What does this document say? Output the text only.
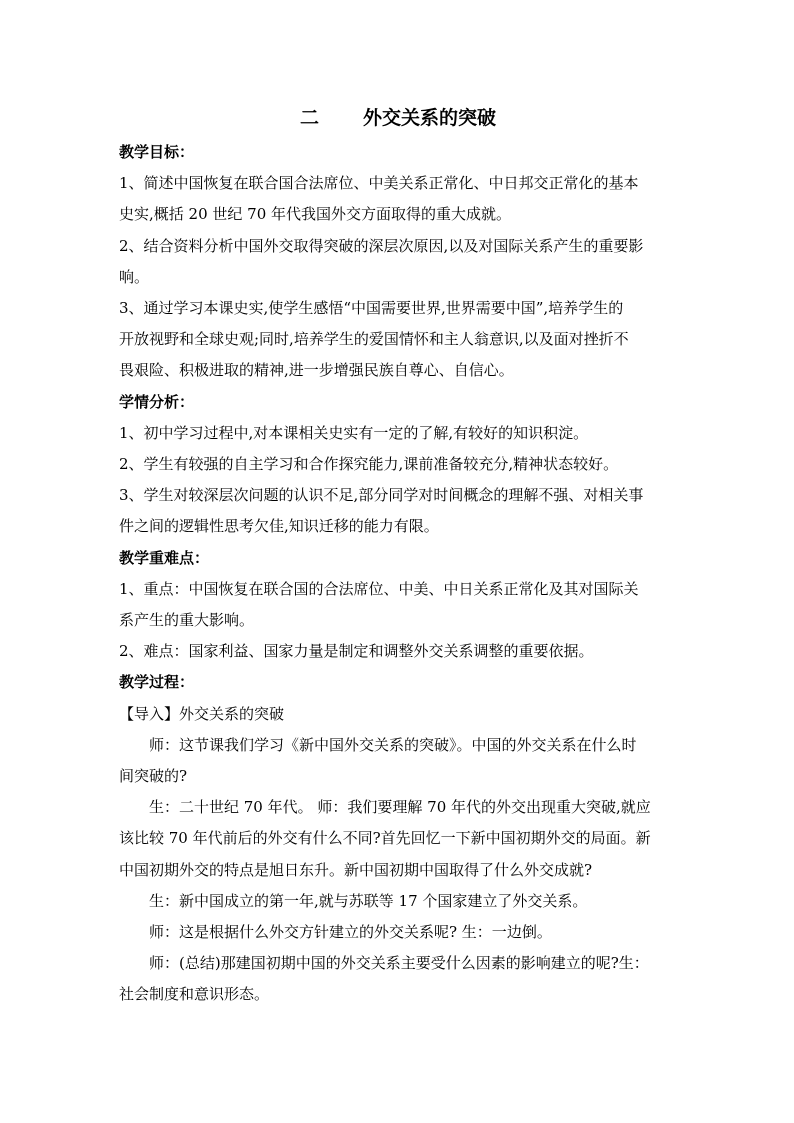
二 外交关系的突破
教学目标：
1、简述中国恢复在联合国合法席位、中美关系正常化、中日邦交正常化的基本
史实,概括 20 世纪 70 年代我国外交方面取得的重大成就。
2、结合资料分析中国外交取得突破的深层次原因,以及对国际关系产生的重要影
响。
3、通过学习本课史实,使学生感悟“中国需要世界,世界需要中国”,培养学生的
开放视野和全球史观;同时,培养学生的爱国情怀和主人翁意识,以及面对挫折不
畏艰险、积极进取的精神,进一步增强民族自尊心、自信心。
学情分析：
1、初中学习过程中,对本课相关史实有一定的了解,有较好的知识积淀。
2、学生有较强的自主学习和合作探究能力,课前准备较充分,精神状态较好。
3、学生对较深层次问题的认识不足,部分同学对时间概念的理解不强、对相关事
件之间的逻辑性思考欠佳,知识迁移的能力有限。
教学重难点：
1、重点：中国恢复在联合国的合法席位、中美、中日关系正常化及其对国际关
系产生的重大影响。
2、难点：国家利益、国家力量是制定和调整外交关系调整的重要依据。
教学过程：
【导入】外交关系的突破
师：这节课我们学习《新中国外交关系的突破》。中国的外交关系在什么时
间突破的?
生：二十世纪 70 年代。 师：我们要理解 70 年代的外交出现重大突破,就应
该比较 70 年代前后的外交有什么不同?首先回忆一下新中国初期外交的局面。新
中国初期外交的特点是旭日东升。新中国初期中国取得了什么外交成就?
生：新中国成立的第一年,就与苏联等 17 个国家建立了外交关系。
师：这是根据什么外交方针建立的外交关系呢? 生：一边倒。
师：(总结)那建国初期中国的外交关系主要受什么因素的影响建立的呢?生：
社会制度和意识形态。
